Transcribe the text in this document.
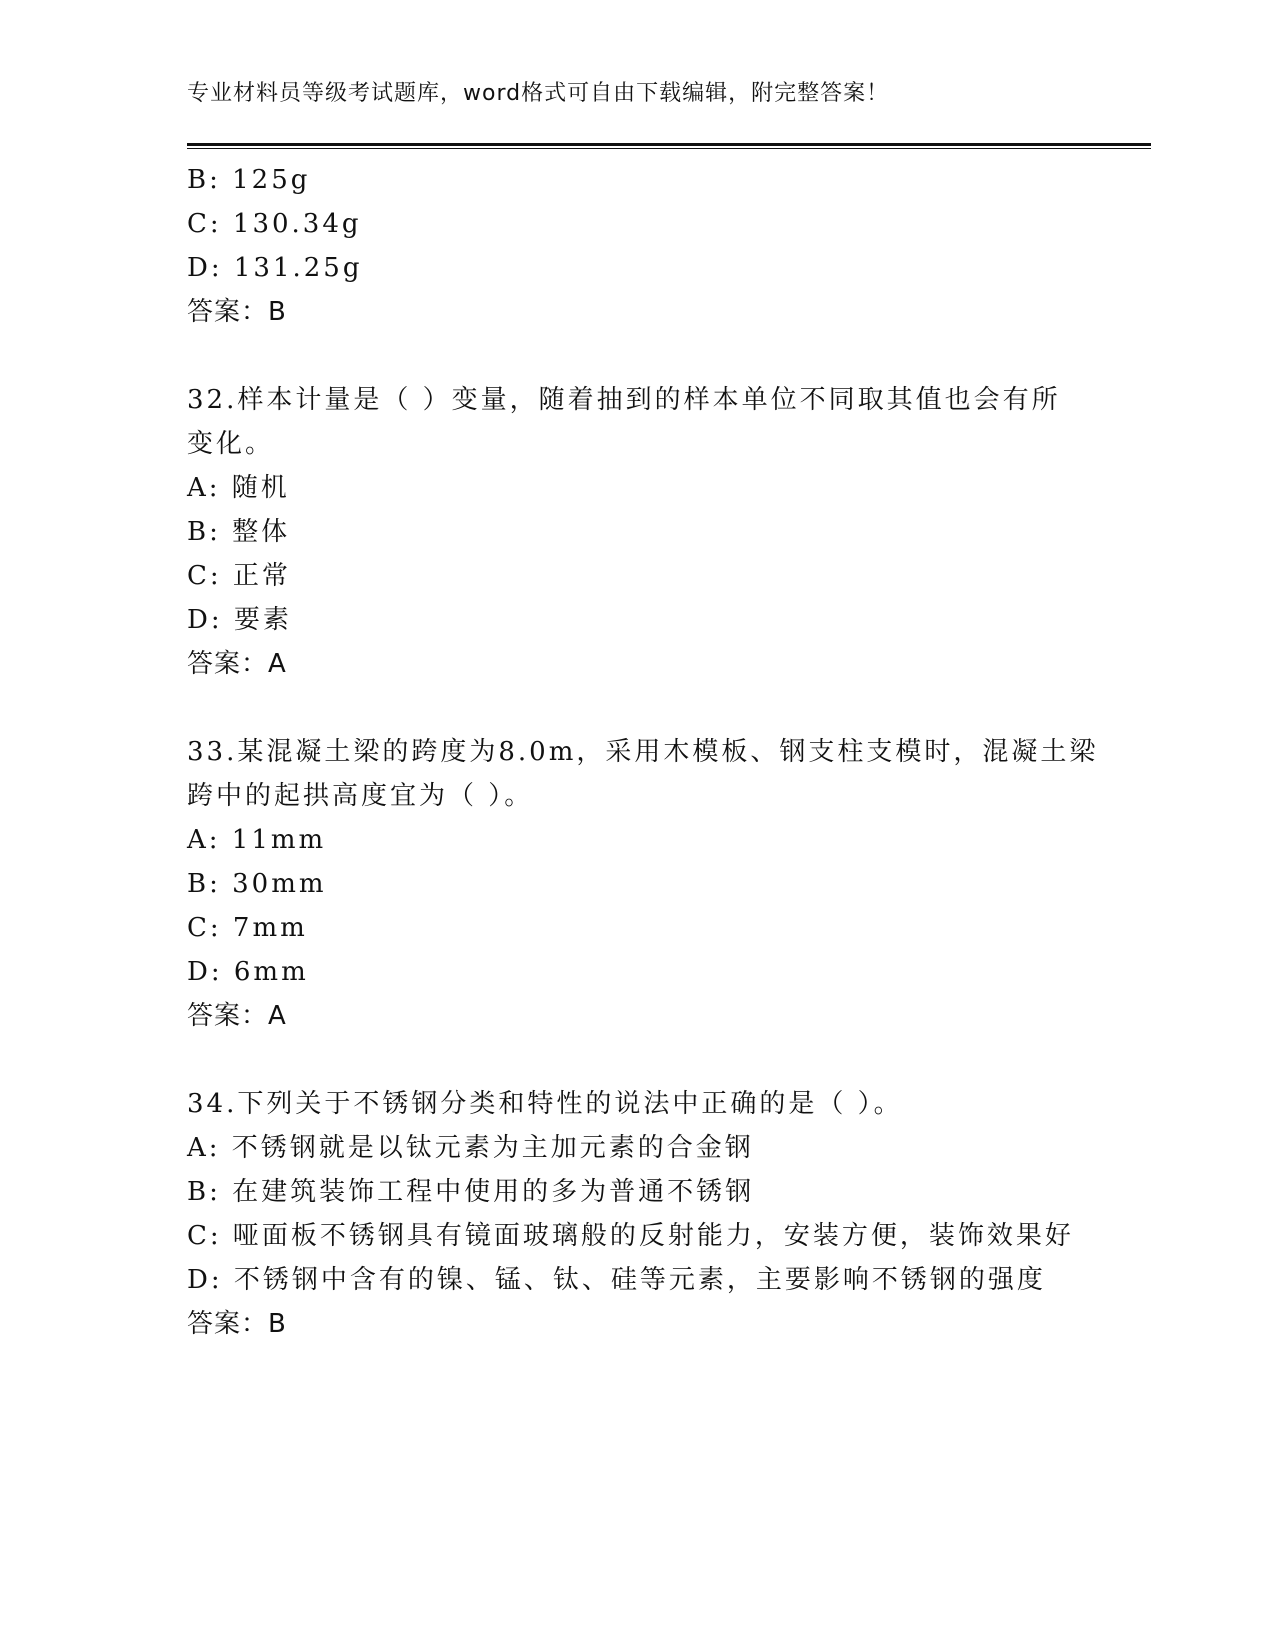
专业材料员等级考试题库，word格式可自由下载编辑，附完整答案！
B: 125g
C: 130.34g
D: 131.25g
答案：B
32.样本计量是（ ）变量，随着抽到的样本单位不同取其值也会有所
变化。
A: 随机
B: 整体
C: 正常
D: 要素
答案：A
33.某混凝土梁的跨度为8.0m，采用木模板、钢支柱支模时，混凝土梁
跨中的起拱高度宜为（ ）。
A: 11mm
B: 30mm
C: 7mm
D: 6mm
答案：A
34.下列关于不锈钢分类和特性的说法中正确的是（ ）。
A: 不锈钢就是以钛元素为主加元素的合金钢
B: 在建筑装饰工程中使用的多为普通不锈钢
C: 哑面板不锈钢具有镜面玻璃般的反射能力，安装方便，装饰效果好
D: 不锈钢中含有的镍、锰、钛、硅等元素，主要影响不锈钢的强度
答案：B
